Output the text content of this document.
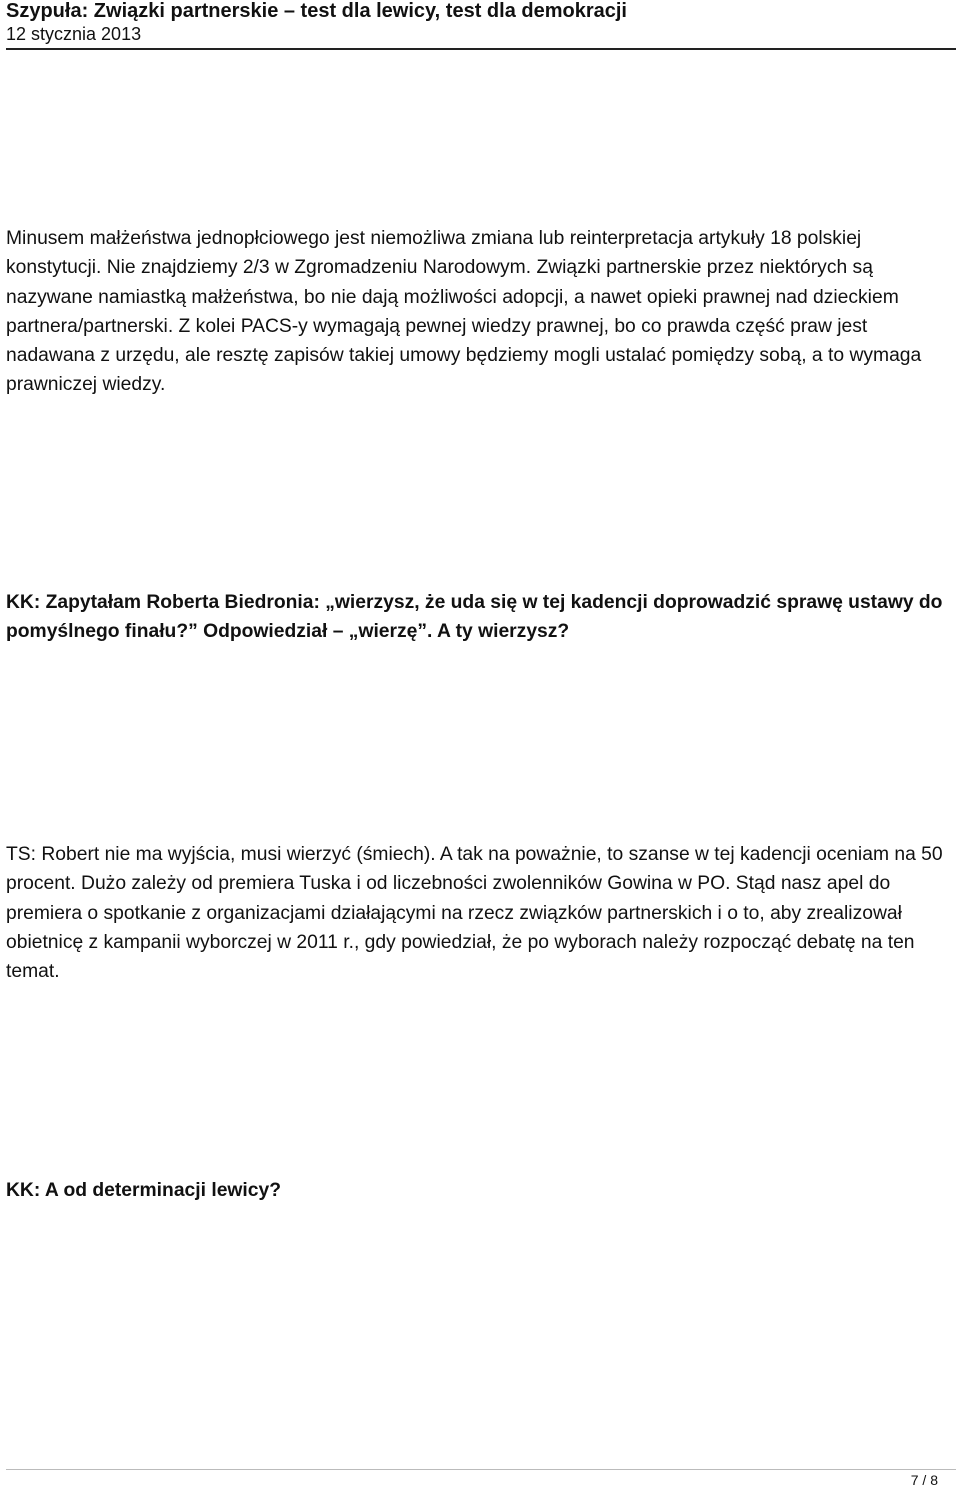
Szypuła: Związki partnerskie – test dla lewicy, test dla demokracji
12 stycznia 2013

Minusem małżeństwa jednopłciowego jest niemożliwa zmiana lub reinterpretacja artykuły 18 polskiej konstytucji. Nie znajdziemy 2/3 w Zgromadzeniu Narodowym. Związki partnerskie przez niektórych są nazywane namiastką małżeństwa, bo nie dają możliwości adopcji, a nawet opieki prawnej nad dzieckiem partnera/partnerski. Z kolei PACS-y wymagają pewnej wiedzy prawnej, bo co prawda część praw jest nadawana z urzędu, ale resztę zapisów takiej umowy będziemy mogli ustalać pomiędzy sobą, a to wymaga prawniczej wiedzy.

KK: Zapytałam Roberta Biedronia: „wierzysz, że uda się w tej kadencji doprowadzić sprawę ustawy do pomyślnego finału?” Odpowiedział – „wierzę”. A ty wierzysz?

TS: Robert nie ma wyjścia, musi wierzyć (śmiech). A tak na poważnie, to szanse w tej kadencji oceniam na 50 procent. Dużo zależy od premiera Tuska i od liczebności zwolenników Gowina w PO. Stąd nasz apel do premiera o spotkanie z organizacjami działającymi na rzecz związków partnerskich i o to, aby zrealizował obietnicę z kampanii wyborczej w 2011 r., gdy powiedział, że po wyborach należy rozpocząć debatę na ten temat.

KK: A od determinacji lewicy?

7 / 8
